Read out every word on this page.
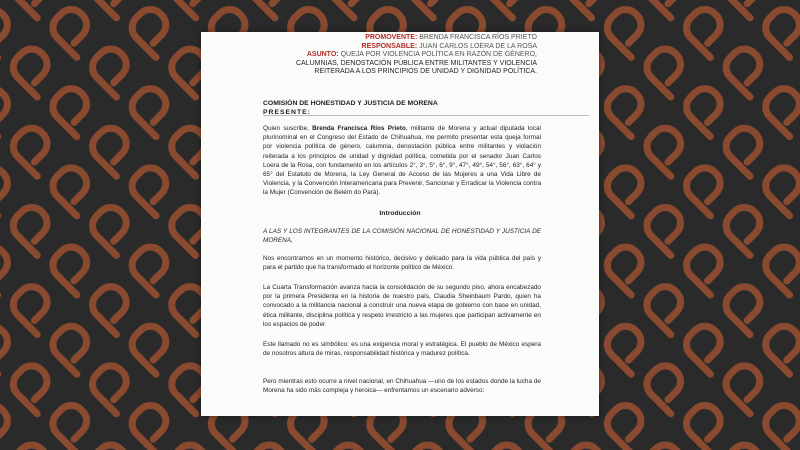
PROMOVENTE: BRENDA FRANCISCA RÍOS PRIETO
RESPONSABLE: JUAN CARLOS LOERA DE LA ROSA
ASUNTO: QUEJA POR VIOLENCIA POLÍTICA EN RAZÓN DE GÉNERO,
CALUMNIAS, DENOSTACIÓN PÚBLICA ENTRE MILITANTES Y VIOLENCIA
REITERADA A LOS PRINCIPIOS DE UNIDAD Y DIGNIDAD POLÍTICA.
COMISIÓN DE HONESTIDAD Y JUSTICIA DE MORENA
PRESENTE:
Quien suscribe, Brenda Francisca Ríos Prieto, militante de Morena y actual diputada local plurinominal en el Congreso del Estado de Chihuahua, me permito presentar esta queja formal por violencia política de género, calumnia, denostación pública entre militantes y violación reiterada a los principios de unidad y dignidad política, cometida por el senador Juan Carlos Loera de la Rosa, con fundamento en los artículos 2°, 3°, 5°, 6°, 9°, 47°, 49°, 54°, 56°, 63°, 64° y 65° del Estatuto de Morena, la Ley General de Acceso de las Mujeres a una Vida Libre de Violencia, y la Convención Interamericana para Prevenir, Sancionar y Erradicar la Violencia contra la Mujer (Convención de Belém do Pará).
Introducción
A LAS Y LOS INTEGRANTES DE LA COMISIÓN NACIONAL DE HONESTIDAD Y JUSTICIA DE MORENA,
Nos encontramos en un momento histórico, decisivo y delicado para la vida pública del país y para el partido que ha transformado el horizonte político de México.
La Cuarta Transformación avanza hacia la consolidación de su segundo piso, ahora encabezado por la primera Presidenta en la historia de nuestro país, Claudia Sheinbaum Pardo, quien ha convocado a la militancia nacional a construir una nueva etapa de gobierno con base en unidad, ética militante, disciplina política y respeto irrestricto a las mujeres que participan activamente en los espacios de poder.
Este llamado no es simbólico: es una exigencia moral y estratégica. El pueblo de México espera de nosotros altura de miras, responsabilidad histórica y madurez política.
Pero mientras esto ocurre a nivel nacional, en Chihuahua —uno de los estados donde la lucha de Morena ha sido más compleja y heroica— enfrentamos un escenario adverso:
